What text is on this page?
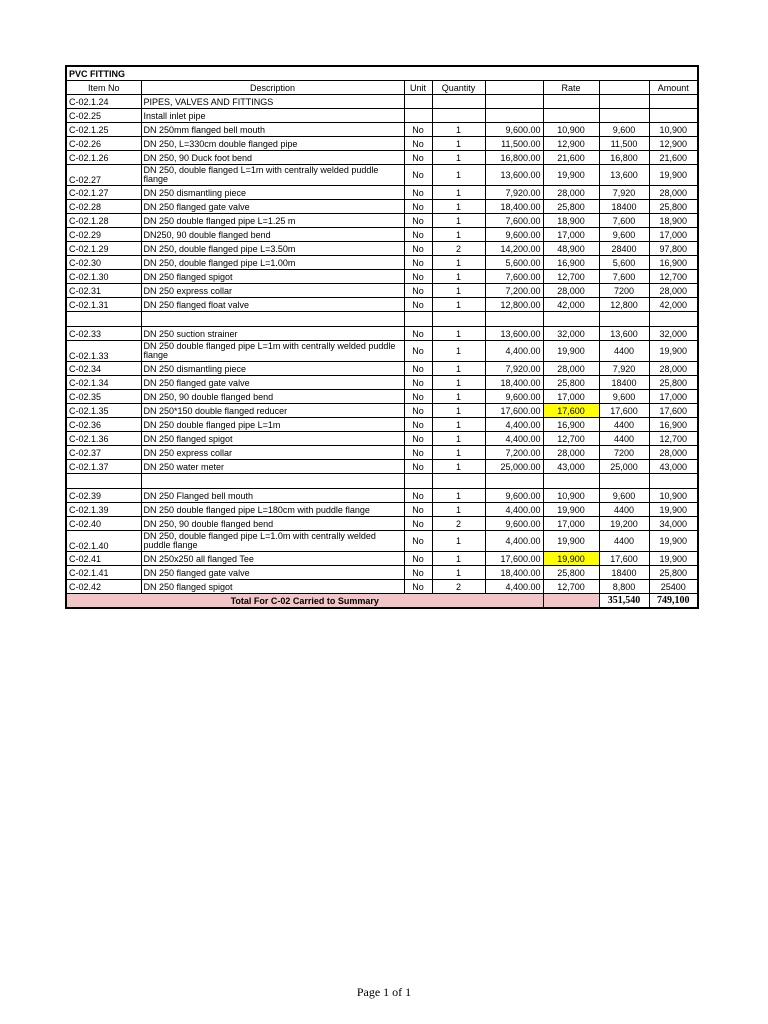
PVC FITTING							
Item No	Description	Unit	Quantity		Rate		Amount
C-02.1.24	PIPES, VALVES AND FITTINGS						
C-02.25	Install inlet pipe						
C-02.1.25	DN 250mm flanged bell mouth	No	1	9,600.00	10,900	9,600	10,900
C-02.26	DN 250, L=330cm double flanged pipe	No	1	11,500.00	12,900	11,500	12,900
C-02.1.26	DN 250, 90 Duck foot bend	No	1	16,800.00	21,600	16,800	21,600
C-02.27	DN 250, double flanged L=1m with centrally welded puddle flange	No	1	13,600.00	19,900	13,600	19,900
C-02.1.27	DN 250 dismantling piece	No	1	7,920.00	28,000	7,920	28,000
C-02.28	DN 250 flanged gate valve	No	1	18,400.00	25,800	18400	25,800
C-02.1.28	DN 250 double flanged pipe L=1.25 m	No	1	7,600.00	18,900	7,600	18,900
C-02.29	DN250, 90 double flanged bend	No	1	9,600.00	17,000	9,600	17,000
C-02.1.29	DN 250, double flanged pipe L=3.50m	No	2	14,200.00	48,900	28400	97,800
C-02.30	DN 250, double flanged pipe L=1.00m	No	1	5,600.00	16,900	5,600	16,900
C-02.1.30	DN 250 flanged spigot	No	1	7,600.00	12,700	7,600	12,700
C-02.31	DN 250 express collar	No	1	7,200.00	28,000	7200	28,000
C-02.1.31	DN 250 flanged float valve	No	1	12,800.00	42,000	12,800	42,000

C-02.33	DN 250 suction strainer	No	1	13,600.00	32,000	13,600	32,000
C-02.1.33	DN 250 double flanged pipe L=1m with centrally welded puddle flange	No	1	4,400.00	19,900	4400	19,900
C-02.34	DN 250 dismantling piece	No	1	7,920.00	28,000	7,920	28,000
C-02.1.34	DN 250 flanged gate valve	No	1	18,400.00	25,800	18400	25,800
C-02.35	DN 250, 90 double flanged bend	No	1	9,600.00	17,000	9,600	17,000
C-02.1.35	DN 250*150 double flanged reducer	No	1	17,600.00	17,600	17,600	17,600
C-02.36	DN 250 double flanged pipe L=1m	No	1	4,400.00	16,900	4400	16,900
C-02.1.36	DN 250 flanged spigot	No	1	4,400.00	12,700	4400	12,700
C-02.37	DN 250 express collar	No	1	7,200.00	28,000	7200	28,000
C-02.1.37	DN 250 water meter	No	1	25,000.00	43,000	25,000	43,000

C-02.39	DN 250 Flanged bell mouth	No	1	9,600.00	10,900	9,600	10,900
C-02.1.39	DN 250 double flanged pipe L=180cm with puddle flange	No	1	4,400.00	19,900	4400	19,900
C-02.40	DN 250, 90 double flanged bend	No	2	9,600.00	17,000	19,200	34,000
C-02.1.40	DN 250, double flanged pipe L=1.0m with centrally welded puddle flange	No	1	4,400.00	19,900	4400	19,900
C-02.41	DN 250x250 all flanged Tee	No	1	17,600.00	19,900	17,600	19,900
C-02.1.41	DN 250 flanged gate valve	No	1	18,400.00	25,800	18400	25,800
C-02.42	DN 250 flanged spigot	No	2	4,400.00	12,700	8,800	25400
Total For C-02 Carried to Summary						351,540	749,100
Page 1 of 1
